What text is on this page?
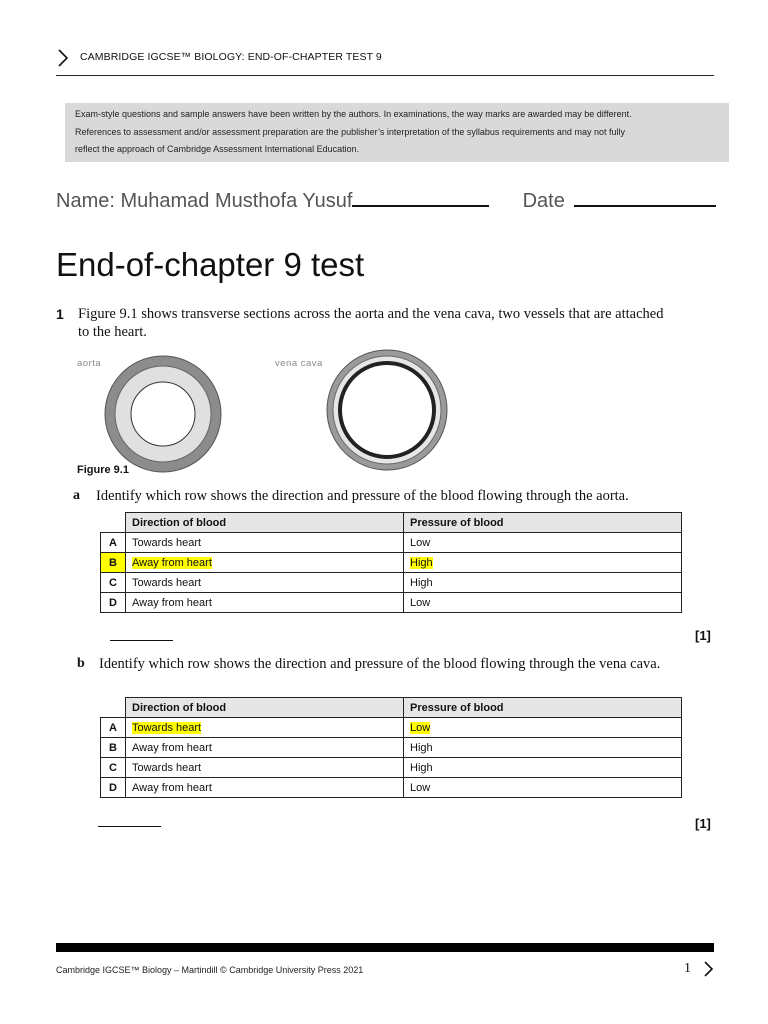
CAMBRIDGE IGCSE™ BIOLOGY: END-OF-CHAPTER TEST 9
Exam-style questions and sample answers have been written by the authors. In examinations, the way marks are awarded may be different.
References to assessment and/or assessment preparation are the publisher’s interpretation of the syllabus requirements and may not fully
reflect the approach of Cambridge Assessment International Education.
Name: Muhamad Musthofa Yusuf	Date
End-of-chapter 9 test
1 Figure 9.1 shows transverse sections across the aorta and the vena cava, two vessels that are attached to the heart.
aorta	vena cava
Figure 9.1
a Identify which row shows the direction and pressure of the blood flowing through the aorta.
	Direction of blood	Pressure of blood
A	Towards heart	Low
B	Away from heart	High
C	Towards heart	High
D	Away from heart	Low
[1]
b Identify which row shows the direction and pressure of the blood flowing through the vena cava.
	Direction of blood	Pressure of blood
A	Towards heart	Low
B	Away from heart	High
C	Towards heart	High
D	Away from heart	Low
[1]
Cambridge IGCSE™ Biology – Martindill © Cambridge University Press 2021	1
